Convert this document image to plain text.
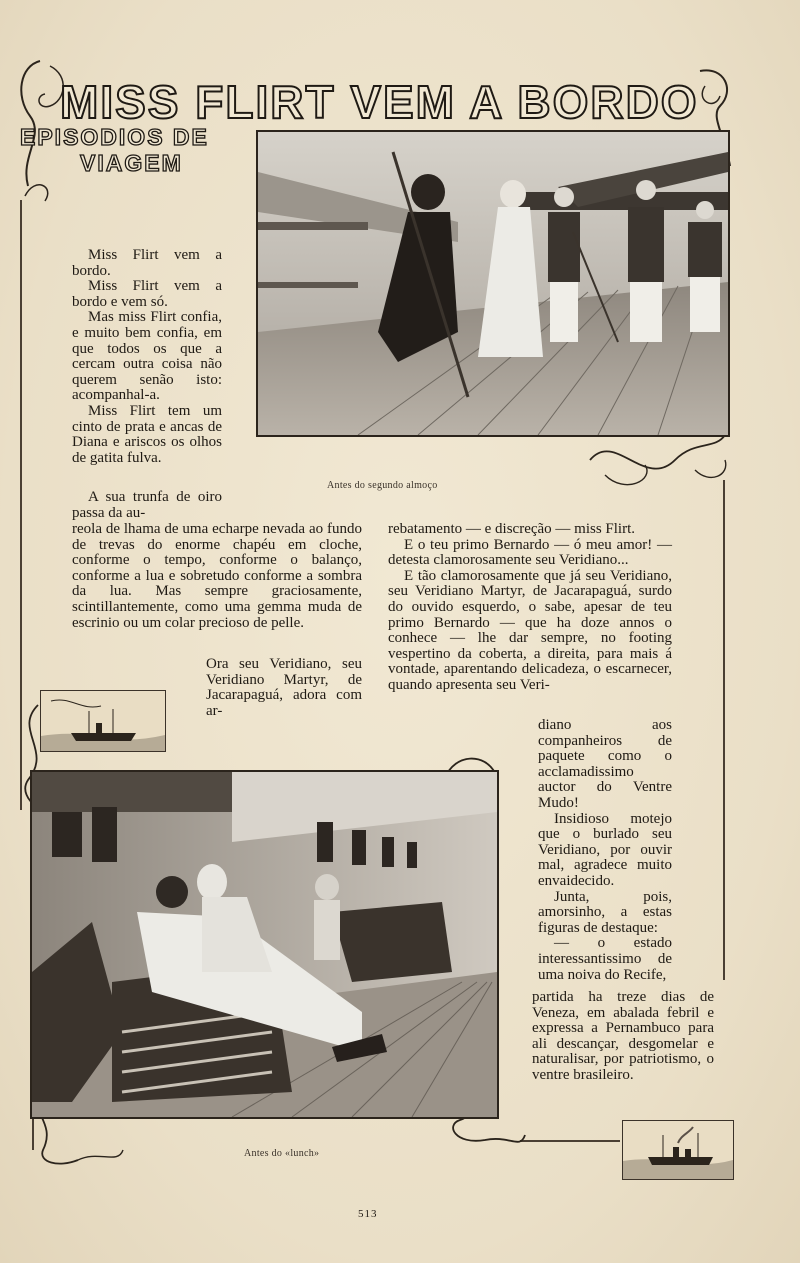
MISS FLIRT VEM A BORDO
EPISODIOS DE
VIAGEM
Antes do segundo almoço

Miss Flirt vem a bordo.

Miss Flirt vem a bordo e vem só.

Mas miss Flirt confia, e muito bem confia, em que todos os que a cercam outra coisa não querem senão isto: acompanhal-a.

Miss Flirt tem um cinto de prata e ancas de Diana e ariscos os olhos de gatita fulva.

A sua trunfa de oiro passa da au-

reola de lhama de uma echarpe nevada ao fundo de trevas do enorme chapéu em cloche, conforme o tempo, conforme o balanço, conforme a lua e sobretudo conforme a sombra da lua. Mas sempre graciosamente, scintillantemente, como uma gemma muda de escrinio ou um colar precioso de pelle.

Ora seu Veridiano, seu Veridiano Martyr, de Jacarapaguá, adora com ar-

rebatamento — e discreção — miss Flirt.

E o teu primo Bernardo — ó meu amor! — detesta clamorosamente seu Veridiano...

E tão clamorosamente que já seu Veridiano, seu Veridiano Martyr, de Jacarapaguá, surdo do ouvido esquerdo, o sabe, apesar de teu primo Bernardo — que ha doze annos o conhece — lhe dar sempre, no footing vespertino da coberta, a direita, para mais á vontade, aparentando delicadeza, o escarnecer, quando apresenta seu Veri-

diano aos companheiros de paquete como o acclamadissimo auctor do Ventre Mudo!

Insidioso motejo que o burlado seu Veridiano, por ouvir mal, agradece muito envaidecido.

Junta, pois, amorsinho, a estas figuras de destaque:

— o estado interessantissimo de uma noiva do Recife,

partida ha treze dias de Veneza, em abalada febril e expressa a Pernambuco para ali descançar, desgomelar e naturalisar, por patriotismo, o ventre brasileiro.

Antes do «lunch»
513
